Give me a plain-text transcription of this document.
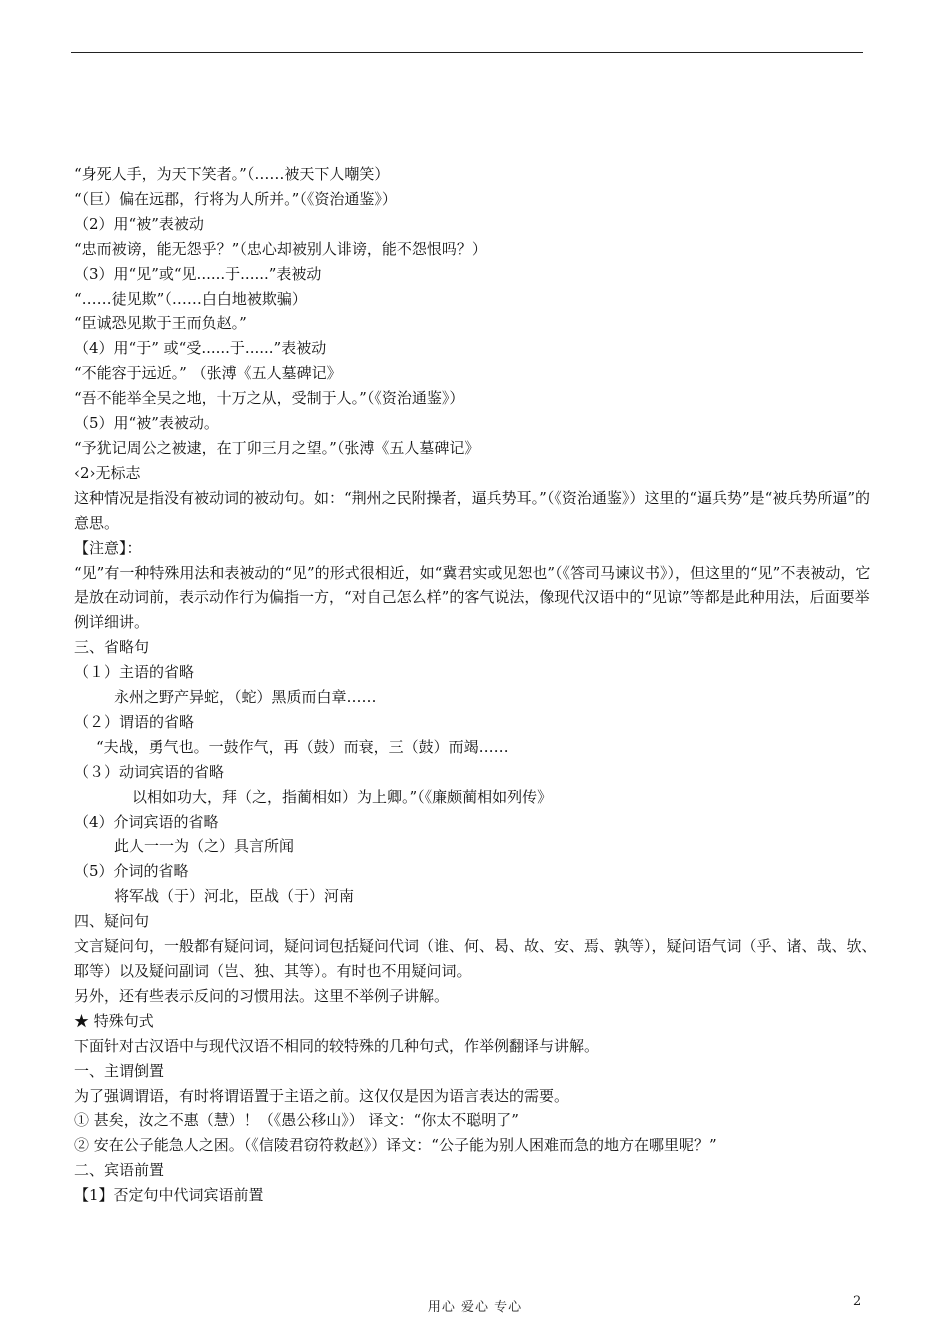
“身死人手，为天下笑者。”（……被天下人嘲笑）
“（巨）偏在远郡，行将为人所并。”（《资治通鉴》）
（2）用“被”表被动
“忠而被谤，能无怨乎？”（忠心却被别人诽谤，能不怨恨吗？）
（3）用“见”或“见......于......”表被动
“……徒见欺”（……白白地被欺骗）
“臣诚恐见欺于王而负赵。”
（4）用“于” 或“受......于......”表被动
“不能容于远近。” （张溥《五人墓碑记》
“吾不能举全吴之地，十万之从，受制于人。”（《资治通鉴》）
（5）用“被”表被动。
“予犹记周公之被逮，在丁卯三月之望。”（张溥《五人墓碑记》
‹2›无标志
这种情况是指没有被动词的被动句。如：“荆州之民附操者，逼兵势耳。”（《资治通鉴》）这里的“逼兵势”是“被兵势所逼”的意思。
【注意】：
“见”有一种特殊用法和表被动的“见”的形式很相近，如“冀君实或见恕也”（《答司马谏议书》），但这里的“见”不表被动，它是放在动词前，表示动作行为偏指一方，“对自己怎么样”的客气说法，像现代汉语中的“见谅”等都是此种用法，后面要举例详细讲。
三、省略句
（１）主语的省略
永州之野产异蛇，（蛇）黑质而白章……
（２）谓语的省略
“夫战，勇气也。一鼓作气，再（鼓）而衰，三（鼓）而竭……
（３）动词宾语的省略
以相如功大，拜（之，指蔺相如）为上卿。”（《廉颇蔺相如列传》
（4）介词宾语的省略
此人一一为（之）具言所闻
（5）介词的省略
将军战（于）河北，臣战（于）河南
四、疑问句
文言疑问句，一般都有疑问词，疑问词包括疑问代词（谁、何、曷、故、安、焉、孰等），疑问语气词（乎、诸、哉、欤、耶等）以及疑问副词（岂、独、其等）。有时也不用疑问词。
另外，还有些表示反问的习惯用法。这里不举例子讲解。
★ 特殊句式
下面针对古汉语中与现代汉语不相同的较特殊的几种句式，作举例翻译与讲解。
一、主谓倒置
为了强调谓语，有时将谓语置于主语之前。这仅仅是因为语言表达的需要。
① 甚矣，汝之不惠（慧）！（《愚公移山》） 译文：“你太不聪明了”
② 安在公子能急人之困。（《信陵君窃符救赵》）译文：“公子能为别人困难而急的地方在哪里呢？”
二、宾语前置
【1】否定句中代词宾语前置
用心 爱心 专心	2
